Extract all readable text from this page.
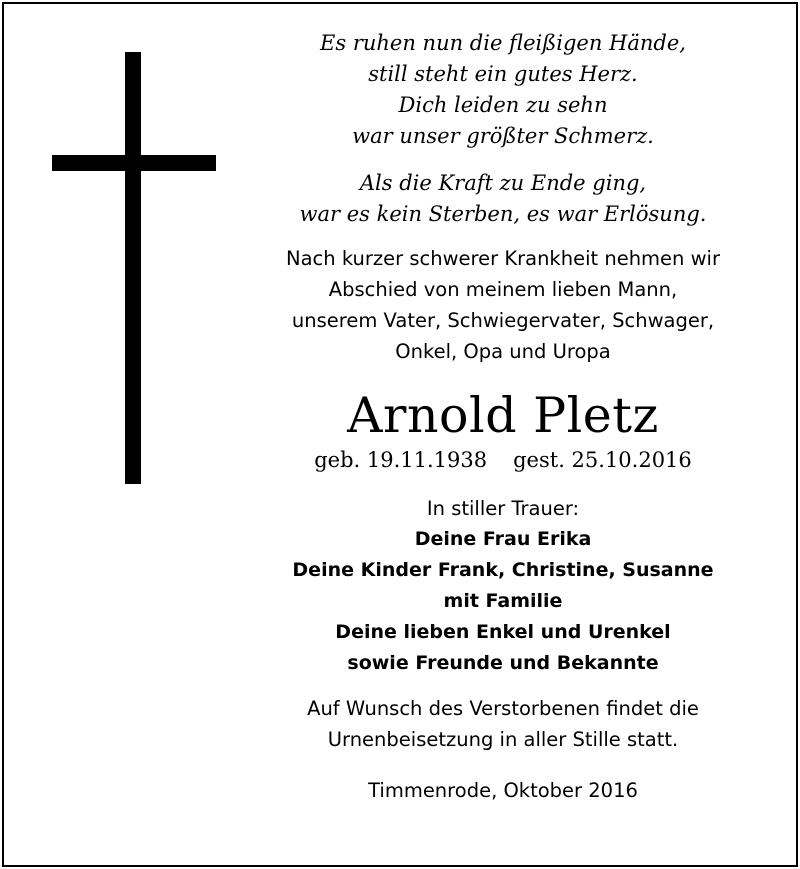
Es ruhen nun die fleißigen Hände,
still steht ein gutes Herz.
Dich leiden zu sehn
war unser größter Schmerz.

Als die Kraft zu Ende ging,
war es kein Sterben, es war Erlösung.

Nach kurzer schwerer Krankheit nehmen wir
Abschied von meinem lieben Mann,
unserem Vater, Schwiegervater, Schwager,
Onkel, Opa und Uropa
Arnold Pletz
geb. 19.11.1938 gest. 25.10.2016
In stiller Trauer:
Deine Frau Erika
Deine Kinder Frank, Christine, Susanne
mit Familie
Deine lieben Enkel und Urenkel
sowie Freunde und Bekannte
Auf Wunsch des Verstorbenen findet die
Urnenbeisetzung in aller Stille statt.
Timmenrode, Oktober 2016
